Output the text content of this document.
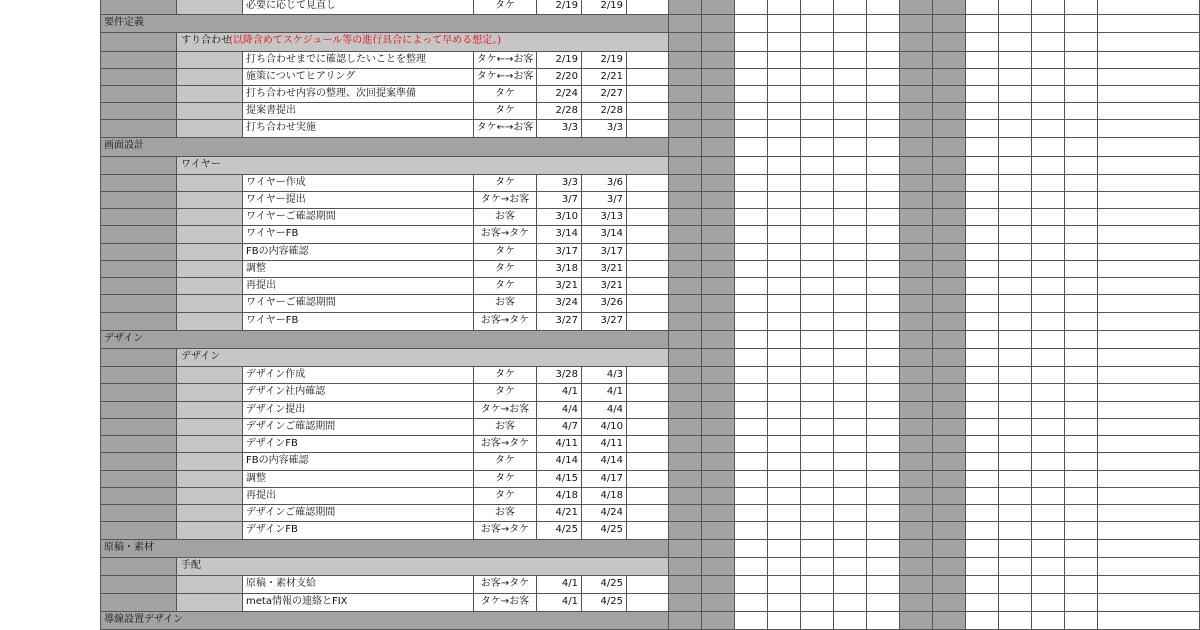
必要に応じて見直し	タケ	2/19	2/19
要件定義
すり合わせ
(以降含めてスケジュール等の進行具合によって早める想定。)
打ち合わせまでに確認したいことを整理	タケ←→お客	2/19	2/19
施策についてヒアリング	タケ←→お客	2/20	2/21
打ち合わせ内容の整理、次回提案準備	タケ	2/24	2/27
提案書提出	タケ	2/28	2/28
打ち合わせ実施	タケ←→お客	3/3	3/3
画面設計
ワイヤー
ワイヤー作成	タケ	3/3	3/6
ワイヤー提出	タケ→お客	3/7	3/7
ワイヤーご確認期間	お客	3/10	3/13
ワイヤーFB	お客→タケ	3/14	3/14
FBの内容確認	タケ	3/17	3/17
調整	タケ	3/18	3/21
再提出	タケ	3/21	3/21
ワイヤーご確認期間	お客	3/24	3/26
ワイヤーFB	お客→タケ	3/27	3/27
デザイン
デザイン
デザイン作成	タケ	3/28	4/3
デザイン社内確認	タケ	4/1	4/1
デザイン提出	タケ→お客	4/4	4/4
デザインご確認期間	お客	4/7	4/10
デザインFB	お客→タケ	4/11	4/11
FBの内容確認	タケ	4/14	4/14
調整	タケ	4/15	4/17
再提出	タケ	4/18	4/18
デザインご確認期間	お客	4/21	4/24
デザインFB	お客→タケ	4/25	4/25
原稿・素材
手配
原稿・素材支給	お客→タケ	4/1	4/25
meta情報の連絡とFIX	タケ→お客	4/1	4/25
導線設置デザイン
